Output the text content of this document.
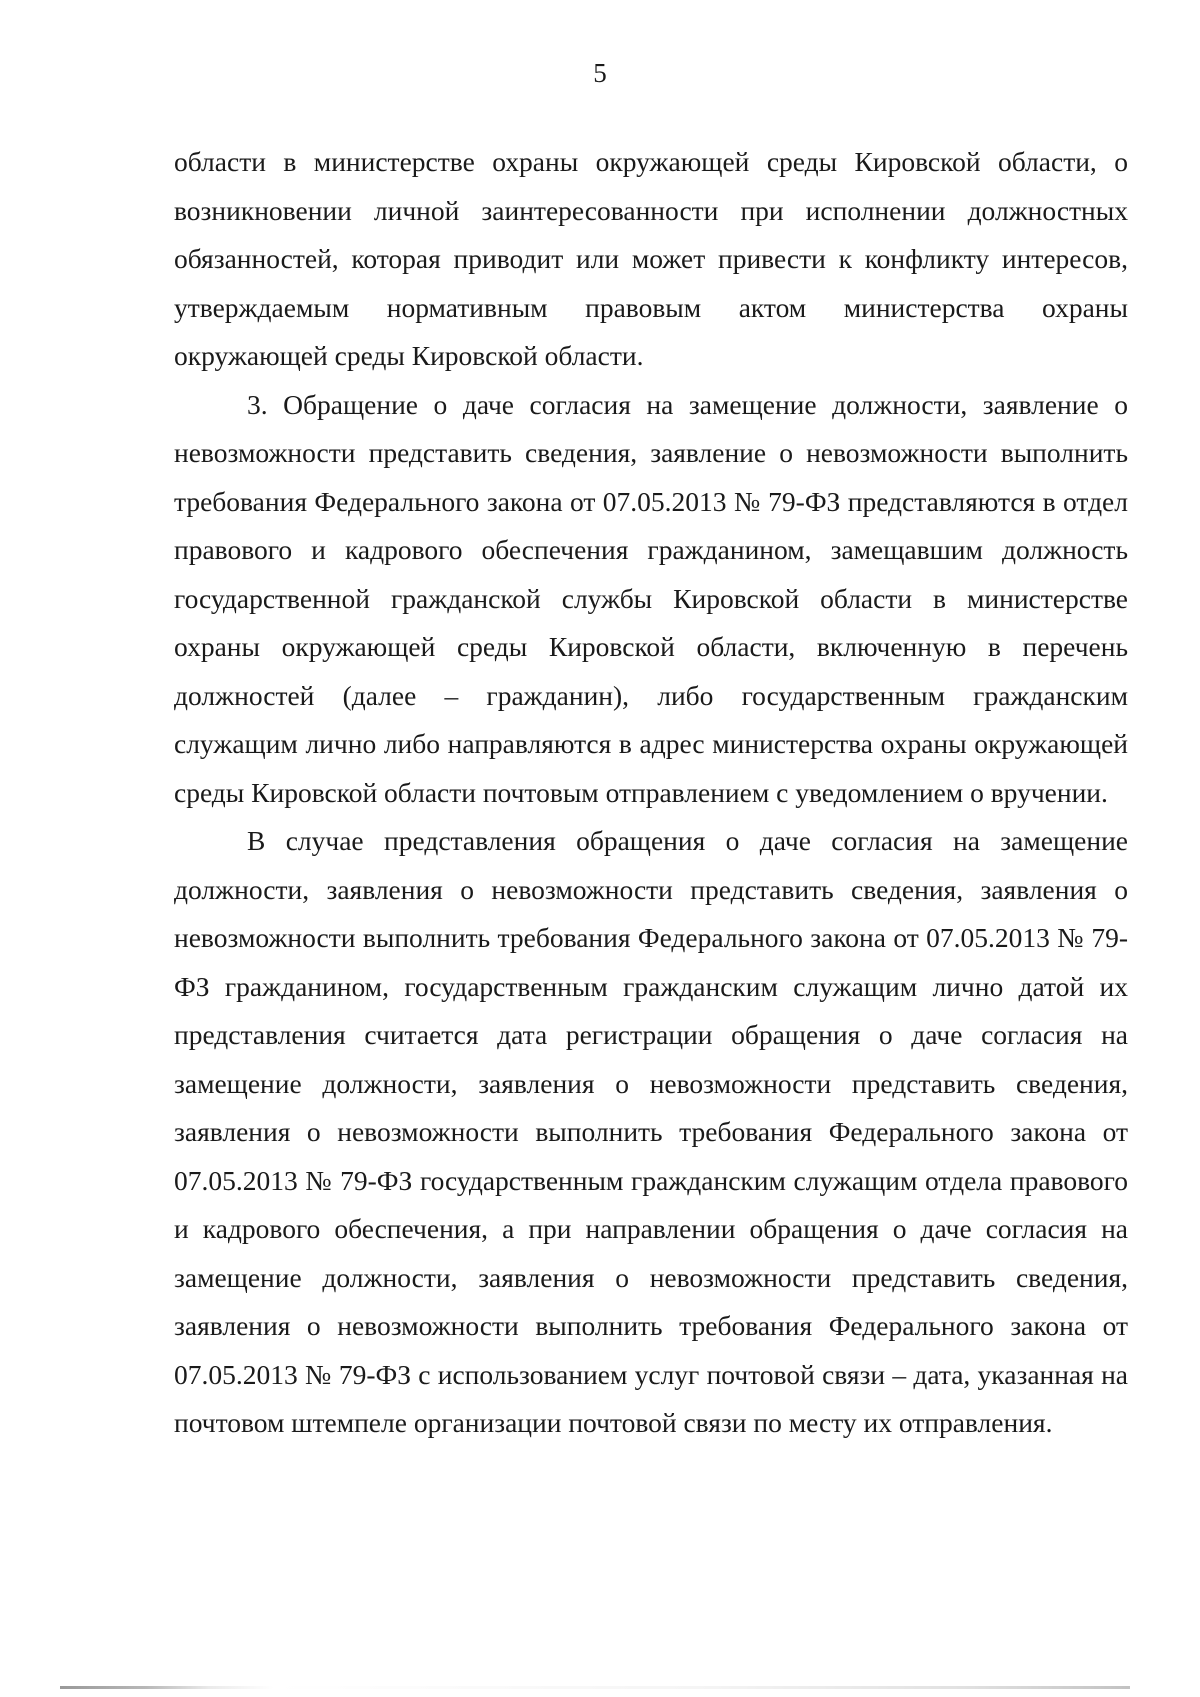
5

области в министерстве охраны окружающей среды Кировской области, о возникновении личной заинтересованности при исполнении должностных обязанностей, которая приводит или может привести к конфликту интересов, утверждаемым нормативным правовым актом министерства охраны окружающей среды Кировской области.

3. Обращение о даче согласия на замещение должности, заявление о невозможности представить сведения, заявление о невозможности выполнить требования Федерального закона от 07.05.2013 № 79-ФЗ представляются в отдел правового и кадрового обеспечения гражданином, замещавшим должность государственной гражданской службы Кировской области в министерстве охраны окружающей среды Кировской области, включенную в перечень должностей (далее – гражданин), либо государственным гражданским служащим лично либо направляются в адрес министерства охраны окружающей среды Кировской области почтовым отправлением с уведомлением о вручении.

В случае представления обращения о даче согласия на замещение должности, заявления о невозможности представить сведения, заявления о невозможности выполнить требования Федерального закона от 07.05.2013 № 79-ФЗ гражданином, государственным гражданским служащим лично датой их представления считается дата регистрации обращения о даче согласия на замещение должности, заявления о невозможности представить сведения, заявления о невозможности выполнить требования Федерального закона от 07.05.2013 № 79-ФЗ государственным гражданским служащим отдела правового и кадрового обеспечения, а при направлении обращения о даче согласия на замещение должности, заявления о невозможности представить сведения, заявления о невозможности выполнить требования Федерального закона от 07.05.2013 № 79-ФЗ с использованием услуг почтовой связи – дата, указанная на почтовом штемпеле организации почтовой связи по месту их отправления.
